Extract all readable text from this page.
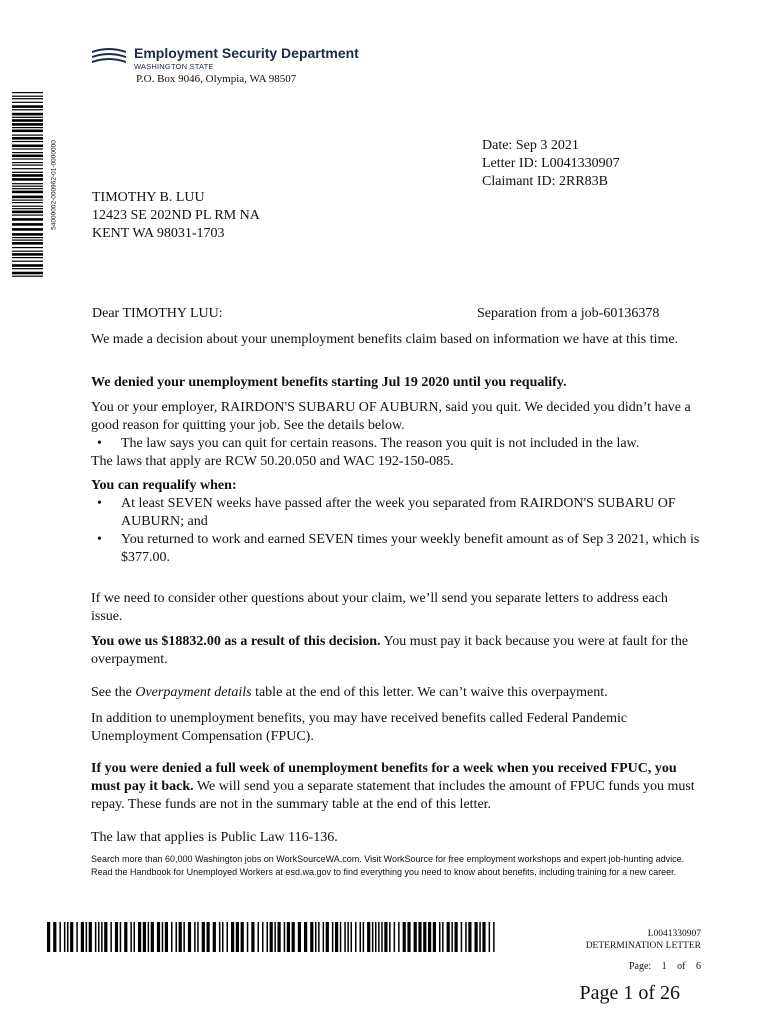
Employment Security Department
WASHINGTON STATE
P.O. Box 9046, Olympia, WA 98507
54000002-000962-01-0000000	Date: Sep 3 2021
Letter ID: L0041330907
Claimant ID: 2RR83B
TIMOTHY B. LUU
12423 SE 202ND PL RM NA
KENT WA 98031-1703
Dear TIMOTHY LUU:	Separation from a job-60136378
We made a decision about your unemployment benefits claim based on information we have at this time.
We denied your unemployment benefits starting Jul 19 2020 until you requalify.

You or your employer, RAIRDON'S SUBARU OF AUBURN, said you quit. We decided you didn’t have a good reason for quitting your job. See the details below.

•	The law says you can quit for certain reasons. The reason you quit is not included in the law.

The laws that apply are RCW 50.20.050 and WAC 192-150-085.

You can requalify when:

•	At least SEVEN weeks have passed after the week you separated from RAIRDON'S SUBARU OF AUBURN; and
•	You returned to work and earned SEVEN times your weekly benefit amount as of Sep 3 2021, which is $377.00.
If we need to consider other questions about your claim, we’ll send you separate letters to address each issue.
You owe us $18832.00 as a result of this decision. You must pay it back because you were at fault for the overpayment.
See the Overpayment details table at the end of this letter. We can’t waive this overpayment.
In addition to unemployment benefits, you may have received benefits called Federal Pandemic Unemployment Compensation (FPUC).
If you were denied a full week of unemployment benefits for a week when you received FPUC, you must pay it back. We will send you a separate statement that includes the amount of FPUC funds you must repay. These funds are not in the summary table at the end of this letter.
The law that applies is Public Law 116-136.

Search more than 60,000 Washington jobs on WorkSourceWA.com. Visit WorkSource for free employment workshops and expert job-hunting advice.

Read the Handbook for Unemployed Workers at esd.wa.gov to find everything you need to know about benefits, including training for a new career.

L0041330907
DETERMINATION LETTER
Page: 1 of 6
Page 1 of 26
